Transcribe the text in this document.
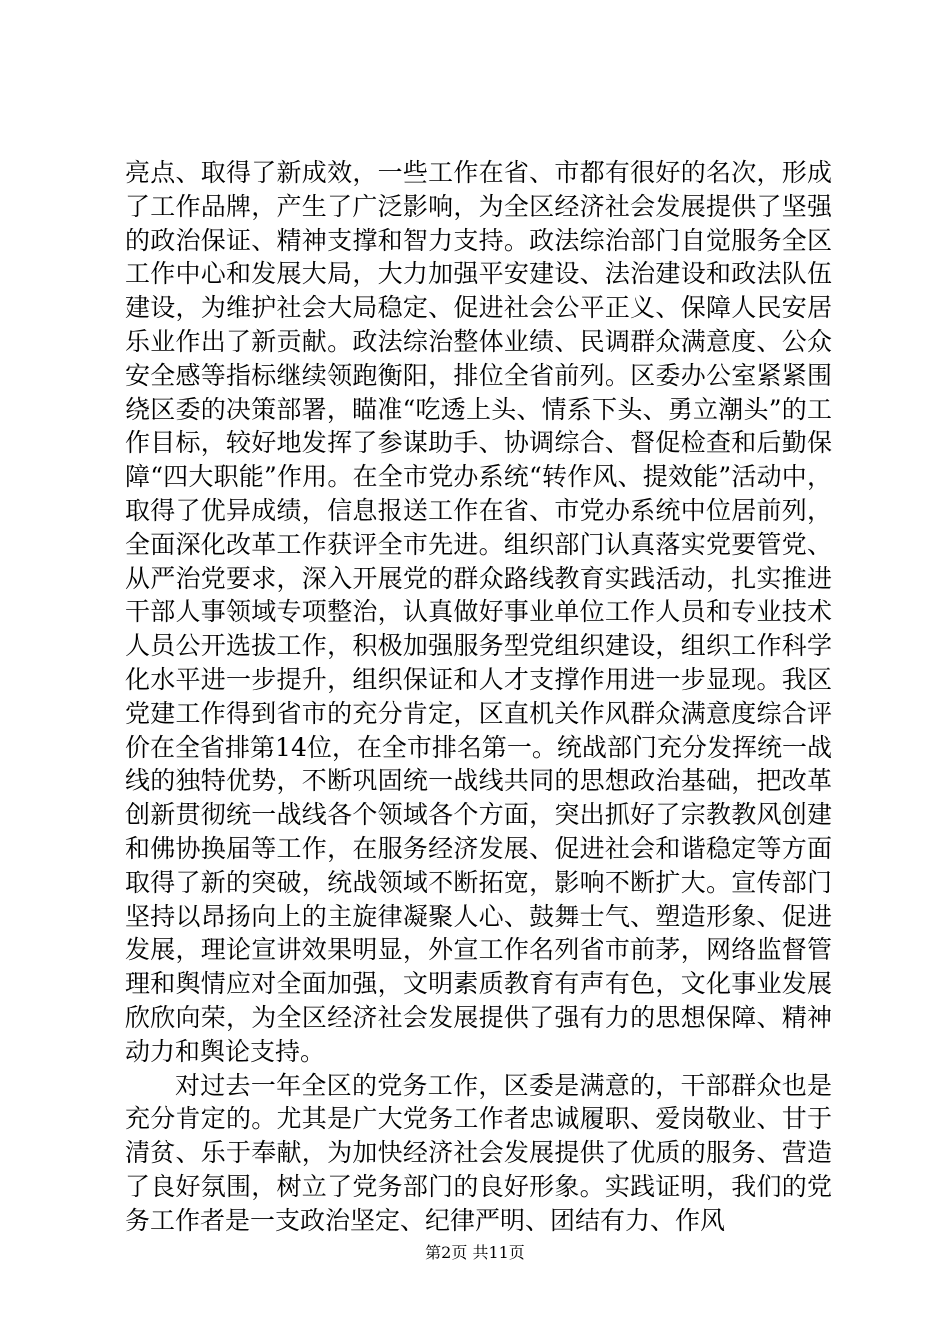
亮点、取得了新成效，一些工作在省、市都有很好的名次，形成了工作品牌，产生了广泛影响，为全区经济社会发展提供了坚强的政治保证、精神支撑和智力支持。政法综治部门自觉服务全区工作中心和发展大局，大力加强平安建设、法治建设和政法队伍建设，为维护社会大局稳定、促进社会公平正义、保障人民安居乐业作出了新贡献。政法综治整体业绩、民调群众满意度、公众安全感等指标继续领跑衡阳，排位全省前列。区委办公室紧紧围绕区委的决策部署，瞄准“吃透上头、情系下头、勇立潮头”的工作目标，较好地发挥了参谋助手、协调综合、督促检查和后勤保障“四大职能”作用。在全市党办系统“转作风、提效能”活动中，取得了优异成绩，信息报送工作在省、市党办系统中位居前列，全面深化改革工作获评全市先进。组织部门认真落实党要管党、从严治党要求，深入开展党的群众路线教育实践活动，扎实推进干部人事领域专项整治，认真做好事业单位工作人员和专业技术人员公开选拔工作，积极加强服务型党组织建设，组织工作科学化水平进一步提升，组织保证和人才支撑作用进一步显现。我区党建工作得到省市的充分肯定，区直机关作风群众满意度综合评价在全省排第14位，在全市排名第一。统战部门充分发挥统一战线的独特优势，不断巩固统一战线共同的思想政治基础，把改革创新贯彻统一战线各个领域各个方面，突出抓好了宗教教风创建和佛协换届等工作，在服务经济发展、促进社会和谐稳定等方面取得了新的突破，统战领域不断拓宽，影响不断扩大。宣传部门坚持以昂扬向上的主旋律凝聚人心、鼓舞士气、塑造形象、促进发展，理论宣讲效果明显，外宣工作名列省市前茅，网络监督管理和舆情应对全面加强，文明素质教育有声有色，文化事业发展欣欣向荣，为全区经济社会发展提供了强有力的思想保障、精神动力和舆论支持。

对过去一年全区的党务工作，区委是满意的，干部群众也是充分肯定的。尤其是广大党务工作者忠诚履职、爱岗敬业、甘于清贫、乐于奉献，为加快经济社会发展提供了优质的服务、营造了良好氛围，树立了党务部门的良好形象。实践证明，我们的党务工作者是一支政治坚定、纪律严明、团结有力、作风

第2页 共11页
